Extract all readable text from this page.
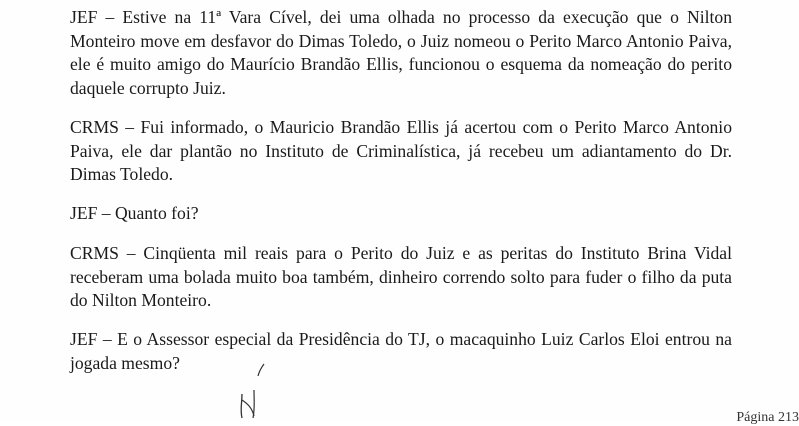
JEF – Estive na 11ª Vara Cível, dei uma olhada no processo da execução que o Nilton Monteiro move em desfavor do Dimas Toledo, o Juiz nomeou o Perito Marco Antonio Paiva, ele é muito amigo do Maurício Brandão Ellis, funcionou o esquema da nomeação do perito daquele corrupto Juiz.

CRMS – Fui informado, o Mauricio Brandão Ellis já acertou com o Perito Marco Antonio Paiva, ele dar plantão no Instituto de Criminalística, já recebeu um adiantamento do Dr. Dimas Toledo.

JEF – Quanto foi?

CRMS – Cinqüenta mil reais para o Perito do Juiz e as peritas do Instituto Brina Vidal receberam uma bolada muito boa também, dinheiro correndo solto para fuder o filho da puta do Nilton Monteiro.

JEF – E o Assessor especial da Presidência do TJ, o macaquinho Luiz Carlos Eloi entrou na jogada mesmo?

Página 213
